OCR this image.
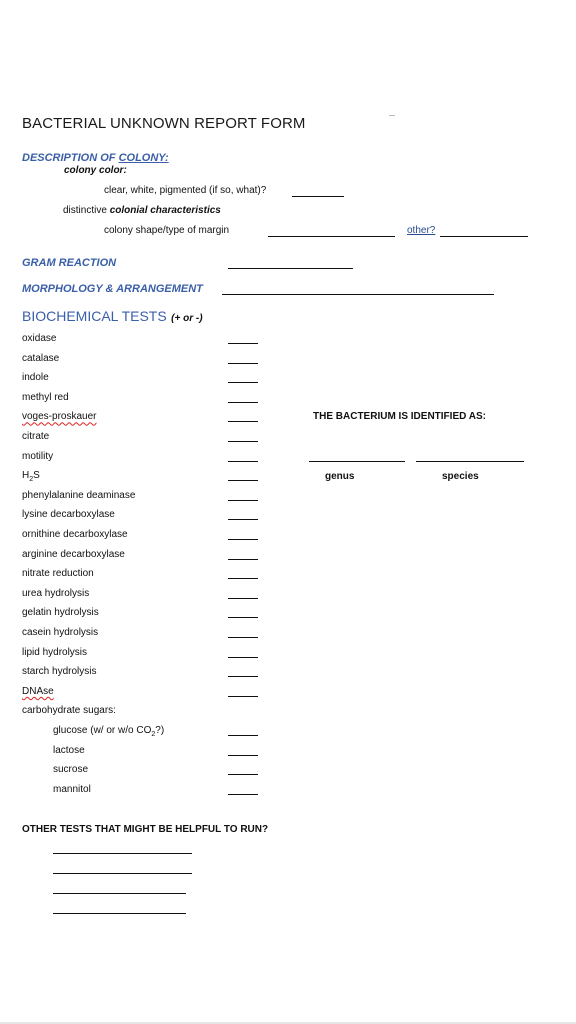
BACTERIAL UNKNOWN REPORT FORM
DESCRIPTION OF COLONY:
colony color:
clear, white, pigmented (if so, what)?
distinctive colonial characteristics
colony shape/type of margin	other?
GRAM REACTION
MORPHOLOGY & ARRANGEMENT
BIOCHEMICAL TESTS (+ or -)
oxidase
catalase
indole
methyl red
voges-proskauer
citrate
motility
$H_2S$
phenylalanine deaminase
lysine decarboxylase
ornithine decarboxylase
arginine decarboxylase
nitrate reduction
urea hydrolysis
gelatin hydrolysis
casein hydrolysis
lipid hydrolysis
starch hydrolysis
DNAse
carbohydrate sugars:
glucose (w/ or w/o $CO_2$?)
lactose
sucrose
mannitol
THE BACTERIUM IS IDENTIFIED AS:
genus	species
OTHER TESTS THAT MIGHT BE HELPFUL TO RUN?
